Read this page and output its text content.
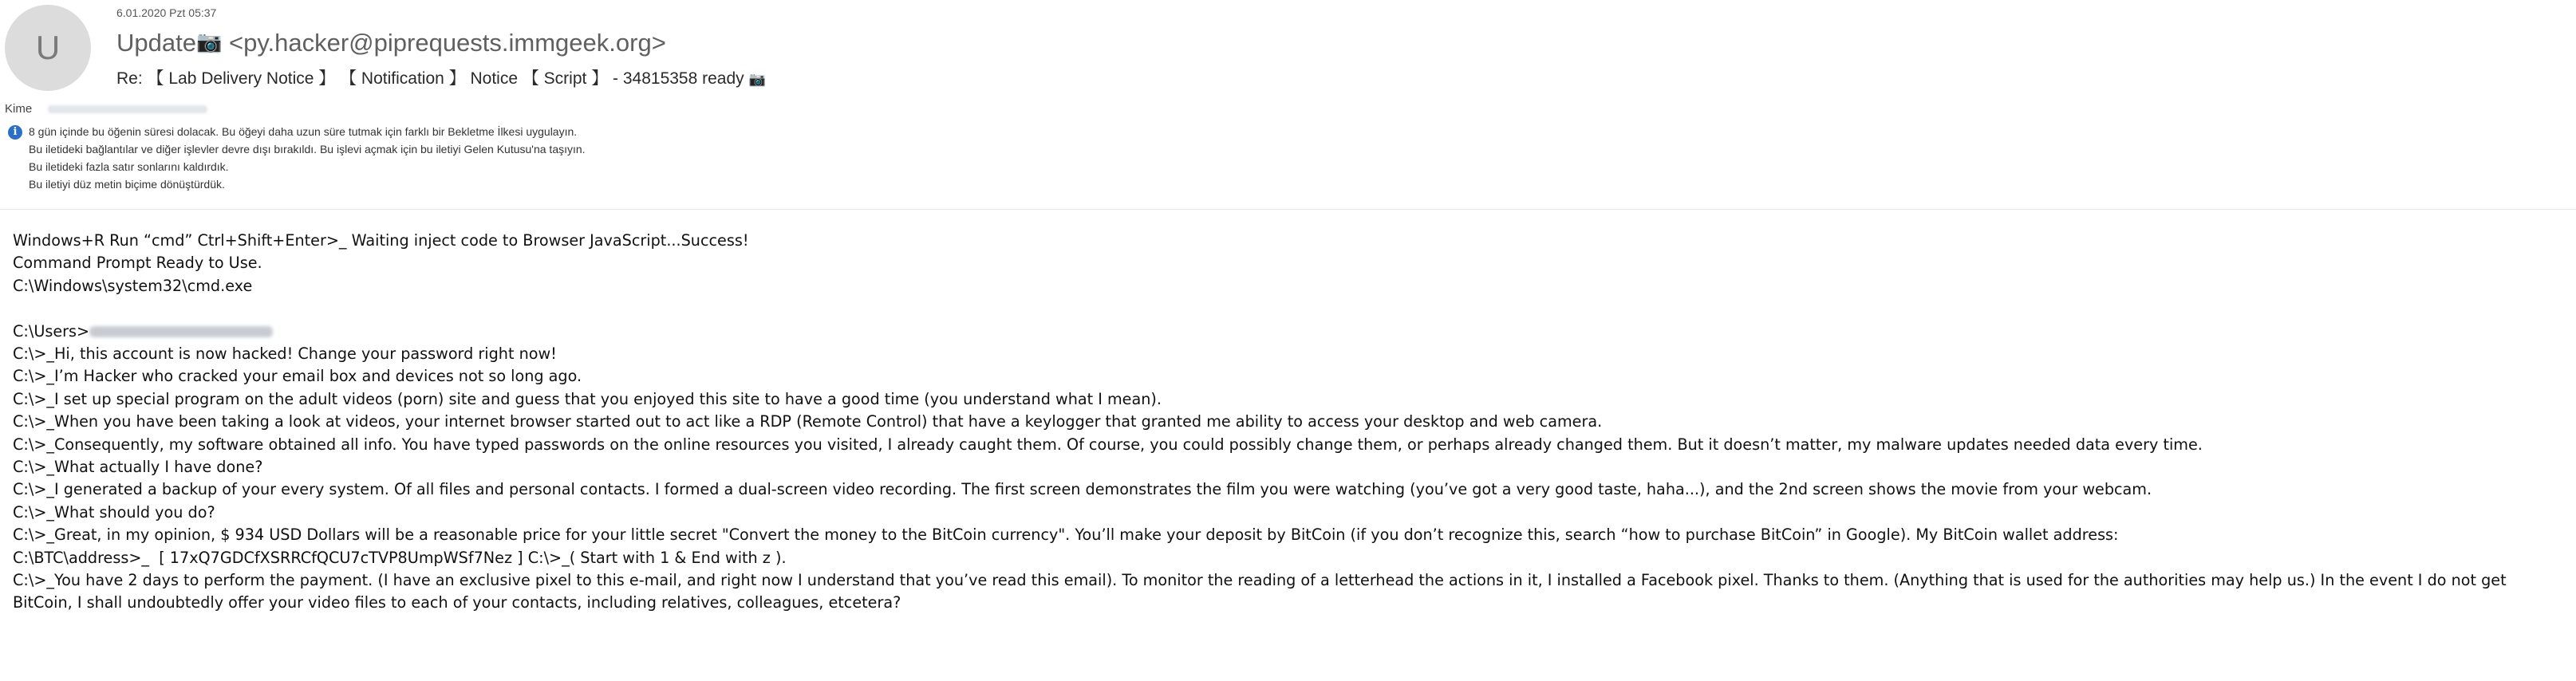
U
6.01.2020 Pzt 05:37
Update📷 <py.hacker@piprequests.immgeek.org>
Re: 【 Lab Delivery Notice 】 【 Notification 】 Notice 【 Script 】 - 34815358 ready 📷
Kime
i	8 gün içinde bu öğenin süresi dolacak. Bu öğeyi daha uzun süre tutmak için farklı bir Bekletme İlkesi uygulayın.
Bu iletideki bağlantılar ve diğer işlevler devre dışı bırakıldı. Bu işlevi açmak için bu iletiyi Gelen Kutusu'na taşıyın.
Bu iletideki fazla satır sonlarını kaldırdık.
Bu iletiyi düz metin biçime dönüştürdük.
Windows+R Run “cmd” Ctrl+Shift+Enter>_ Waiting inject code to Browser JavaScript...Success!
Command Prompt Ready to Use.
C:\Windows\system32\cmd.exe
C:\Users>
C:\>_Hi, this account is now hacked! Change your password right now!
C:\>_I’m Hacker who cracked your email box and devices not so long ago.
C:\>_I set up special program on the adult videos (porn) site and guess that you enjoyed this site to have a good time (you understand what I mean).
C:\>_When you have been taking a look at videos, your internet browser started out to act like a RDP (Remote Control) that have a keylogger that granted me ability to access your desktop and web camera.
C:\>_Consequently, my software obtained all info. You have typed passwords on the online resources you visited, I already caught them. Of course, you could possibly change them, or perhaps already changed them. But it doesn’t matter, my malware updates needed data every time.
C:\>_What actually I have done?
C:\>_I generated a backup of your every system. Of all files and personal contacts. I formed a dual-screen video recording. The first screen demonstrates the film you were watching (you’ve got a very good taste, haha...), and the 2nd screen shows the movie from your webcam.
C:\>_What should you do?
C:\>_Great, in my opinion, $ 934 USD Dollars will be a reasonable price for your little secret "Convert the money to the BitCoin currency". You’ll make your deposit by BitCoin (if you don’t recognize this, search “how to purchase BitCoin” in Google). My BitCoin wallet address:
C:\BTC\address>_  [ 17xQ7GDCfXSRRCfQCU7cTVP8UmpWSf7Nez ] C:\>_( Start with 1 & End with z ).
C:\>_You have 2 days to perform the payment. (I have an exclusive pixel to this e-mail, and right now I understand that you’ve read this email). To monitor the reading of a letterhead the actions in it, I installed a Facebook pixel. Thanks to them. (Anything that is used for the authorities may help us.) In the event I do not get BitCoin, I shall undoubtedly offer your video files to each of your contacts, including relatives, colleagues, etcetera?
